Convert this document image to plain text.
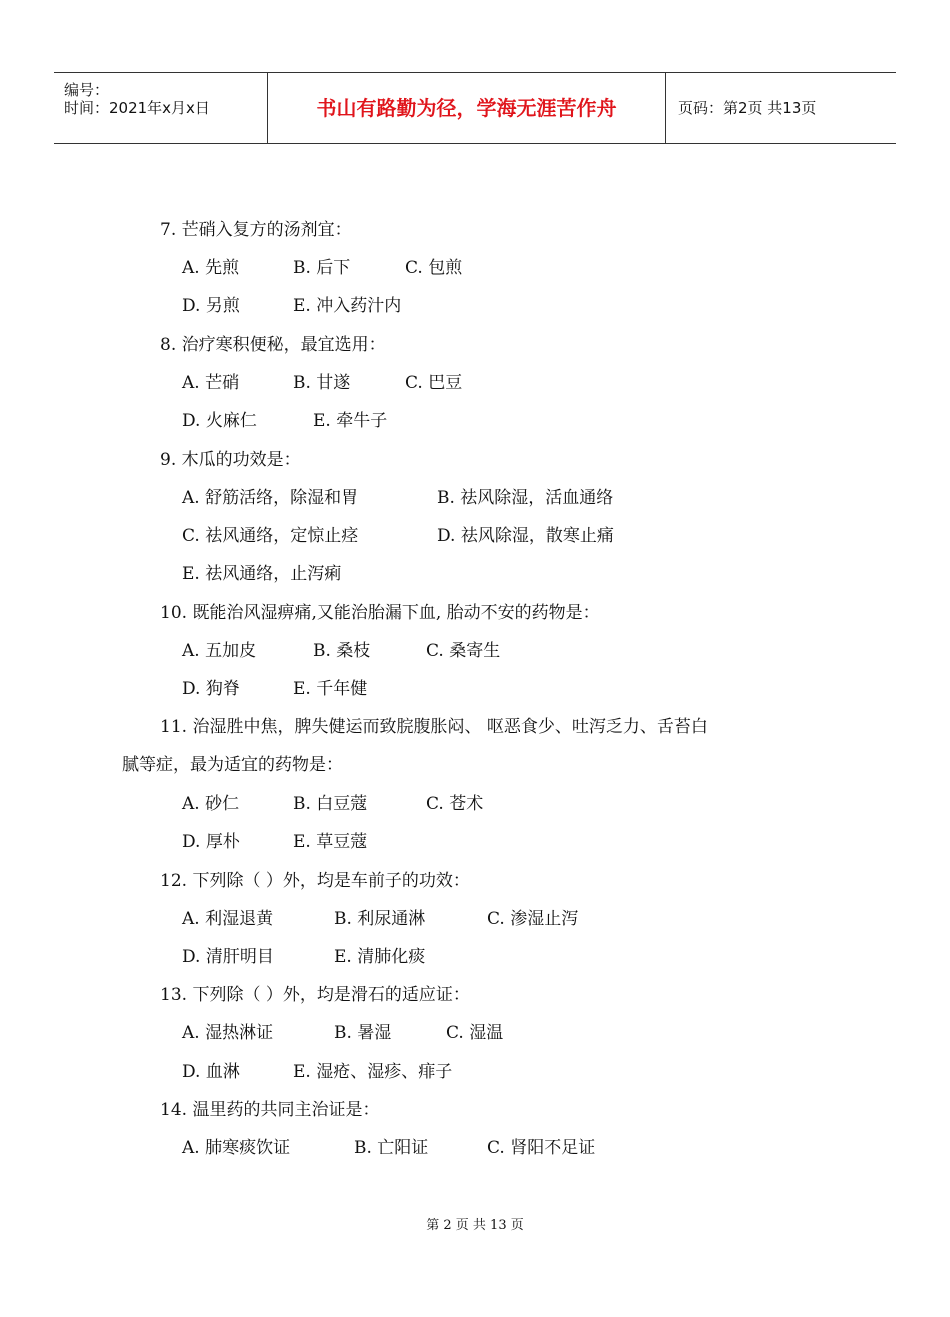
编号：
时间：2021年x月x日	书山有路勤为径，学海无涯苦作舟	页码：第2页 共13页
7. 芒硝入复方的汤剂宜：
A. 先煎	B. 后下	C. 包煎
D. 另煎	E. 冲入药汁内
8. 治疗寒积便秘，最宜选用：
A. 芒硝	B. 甘遂	C. 巴豆
D. 火麻仁	E. 牵牛子
9. 木瓜的功效是：
A. 舒筋活络，除湿和胃	B. 祛风除湿，活血通络
C. 祛风通络，定惊止痉	D. 祛风除湿，散寒止痛
E. 祛风通络，止泻痢
10. 既能治风湿痹痛,又能治胎漏下血, 胎动不安的药物是：
A. 五加皮	B. 桑枝	C. 桑寄生
D. 狗脊	E. 千年健
11. 治湿胜中焦，脾失健运而致脘腹胀闷、 呕恶食少、吐泻乏力、舌苔白
腻等症，最为适宜的药物是：
A. 砂仁	B. 白豆蔻	C. 苍术
D. 厚朴	E. 草豆蔻
12. 下列除（ ）外，均是车前子的功效：
A. 利湿退黄	B. 利尿通淋	C. 渗湿止泻
D. 清肝明目	E. 清肺化痰
13. 下列除（ ）外，均是滑石的适应证：
A. 湿热淋证	B. 暑湿	C. 湿温
D. 血淋	E. 湿疮、湿疹、痱子
14. 温里药的共同主治证是：
A. 肺寒痰饮证	B. 亡阳证	C. 肾阳不足证
第 2 页 共 13 页
